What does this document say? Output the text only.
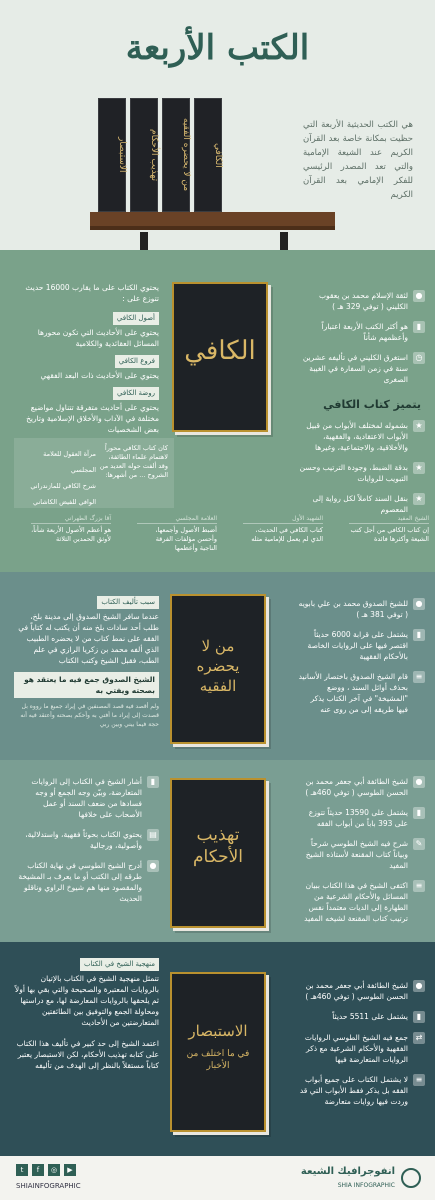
الكتب الأربعة
هي الكتب الحديثية الأربعة التي حظيت بمكانة خاصة بعد القرآن الكريم عند الشيعة الإمامية والتي تعد المصدر الرئيسي للفكر الإمامي بعد القرآن الكريم
الاستبصار	تهذيب الأحكام	من لا يحضره الفقيه	الكافي
الكافي
●
لثقة الإسلام محمد بن يعقوب الكليني ( توفي 329 هـ )
▮
هو أكثر الكتب الأربعة اعتباراً وأعظمهم شأناً
◷
استغرق الكليني في تأليفه عشرين سنة في زمن السفارة في الغيبة الصغرى
يتميز كتاب الكافي
★
بشموله لمختلف الأبواب من قبيل الأبواب الاعتقادية، والفقهية، والأخلاقية، والاجتماعية، وغيرها
★
بدقة الضبط، وجودة الترتيب وحسن التبويب للروايات
★
بنقل السند كاملاً لكل رواية إلى المعصوم
يحتوي الكتاب على ما يقارب 16000 حديث تتوزع على :
أصول الكافي
يحتوي على الأحاديث التي تكون محورها المسائل العقائدية والكلامية
فروع الكافي
يحتوي على الأحاديث ذات البعد الفقهي
روضة الكافي
يحتوي على أحاديث متفرقة تتناول مواضيع مختلفة في الآداب والأخلاق الإسلامية وتاريخ بعض الشخصيات
كان كتاب الكافي محوراً لاهتمام علماء الطائفة، وقد ألفت حوله العديد من الشروح ... من أشهرها:
مرآة العقول للعلامة المجلسي
شرح الكافي للمازندراني
الوافي للفيض الكاشاني
الشيخ المفيد
إن كتاب الكافي من أجل كتب الشيعة وأكثرها فائدة
الشهيد الأول
كتاب الكافي في الحديث، الذي لم يعمل للإمامية مثله
العلامة المجلسي
أضبط الأصول وأجمعها، وأحسن مؤلفات الفرقة الناجية وأعظمها
آقا بزرگ الطهراني
هو أعظم الأصول الأربعة شأناً، لأوثق الحمدين الثلاثة
من لا يحضره الفقيه
●
للشيخ الصدوق محمد بن علي بابويه ( توفي 381 هـ )
▮
يشتمل على قرابة 6000 حديثاً اقتصر فيها على الروايات الخاصة بالأحكام الفقهية
≡
قام الشيخ الصدوق باختصار الأسانيد بحذف أوائل السند ، ووضع "المشيخة" في آخر الكتاب يذكر فيها طريقه إلى من روى عنه
سبب تأليف الكتاب
عندما سافر الشيخ الصدوق إلى مدينة بلخ، طلب أحد سادات بلخ منه أن يكتب له كتاباً في الفقه على نمط كتاب من لا يحضره الطبيب الذي ألفه محمد بن زكريا الرازي في علم الطب، فقبل الشيخ وكتب الكتاب
الشيخ الصدوق جمع فيه ما يعتقد هو بصحته ويفتي به
ولم أقصد فيه قصد المصنفين في إيراد جميع ما رووه بل قصدت إلى إيراد ما أفتي به وأحكم بصحته وأعتقد فيه أنه حجة فيما بيني وبين ربي
تهذيب الأحكام
●
لشيخ الطائفة أبي جعفر محمد بن الحسن الطوسي ( توفي 460هـ )
▮
يشتمل على 13590 حديثاً تتوزع على 393 باباً من أبواب الفقه
✎
شرح فيه الشيخ الطوسي شرحاً وبياناً كتاب المقنعة لأستاذه الشيخ المفيد
≡
اكتفى الشيخ في هذا الكتاب ببيان المسائل والأحكام الشرعية من الطهارة إلى الديات معتمداً نفس ترتيب كتاب المقنعة لشيخه المفيد
▮
أشار الشيخ في الكتاب إلى الروايات المتعارضة، وبيّن وجه الجمع أو وجه فسادها من ضعف السند أو عمل الأصحاب على خلافها
▤
يحتوي الكتاب بحوثاً فقهية، واستدلالية، وأصولية، ورجالية
●
أدرج الشيخ الطوسي في نهاية الكتاب طرقه إلى الكتب أو ما يعرف بـ المشيخة والمقصود منها هم شيوخ الراوي وناقلو الحديث
الاستبصار
في ما اختلف من الأخبار
●
لشيخ الطائفة أبي جعفر محمد بن الحسن الطوسي ( توفي 460هـ )
▮
يشتمل على 5511 حديثاً
⇄
جمع فيه الشيخ الطوسي الروايات الفقهية والأحكام الشرعية مع ذكر الروايات المتعارضة فيها
≡
لا يشتمل الكتاب على جميع أبواب الفقه بل يذكر فقط الأبواب التي قد وردت فيها روايات متعارضة
منهجية الشيخ في الكتاب
تتمثل منهجية الشيخ في الكتاب بالإتيان بالروايات المعتبرة والصحيحة والتي بقي بها أولاً ثم يلحقها بالروايات المعارضة لها، مع دراستها ومحاولة الجمع والتوفيق بين الطائفتين المتعارضتين من الأحاديث
اعتمد الشيخ إلى حد كبير في تأليف هذا الكتاب على كتابه تهذيب الأحكام، لكن الاستبصار يعتبر كتاباً مستقلاً بالنظر إلى الهدف من تأليفه
t	f	◎	▶
SHIAINFOGRAPHIC
انفوجرافيك الشيعة
SHIA INFOGRAPHIC
